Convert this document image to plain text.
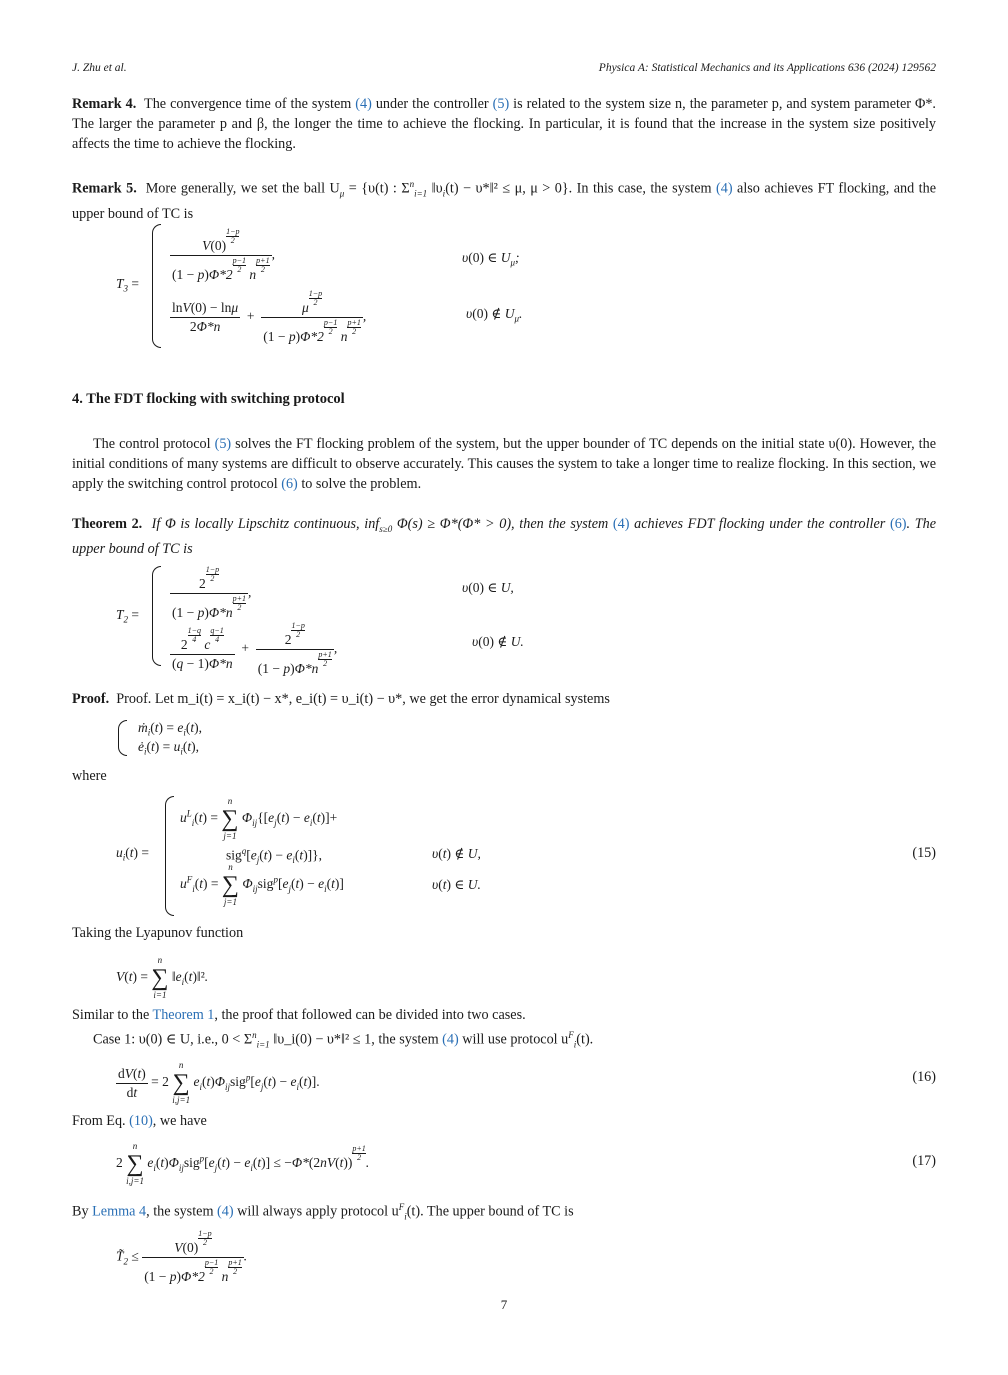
J. Zhu et al.	Physica A: Statistical Mechanics and its Applications 636 (2024) 129562
Remark 4. The convergence time of the system (4) under the controller (5) is related to the system size n, the parameter p, and system parameter Φ*. The larger the parameter p and β, the longer the time to achieve the flocking. In particular, it is found that the increase in the system size positively affects the time to achieve the flocking.
Remark 5. More generally, we set the ball $U_\mu = \{\upsilon(t)$ : $\Sigma^n_{i=1}$ $‖\upsilon_i(t)$ − υ*‖² ≤ μ, μ > 0}. In this case, the system (4) also achieves FT flocking, and the upper bound of TC is
$T_3$ =
V(0)
$\frac{1-p}{2}$
(1 − p)Φ*2
$\frac{p-1}{2}$
n
$\frac{p+1}{2}$ ,	υ(0) ∈ $U_\mu$;
$\frac{\ln V(0) - \ln\mu}{2\Phi*n} + \mu$
$\frac{1-p}{2}$
(1 − p)Φ*2
$\frac{p-1}{2}$
n
$\frac{p+1}{2}$ ,	υ(0) ∉ $U_\mu$.
4. The FDT flocking with switching protocol
The control protocol (5) solves the FT flocking problem of the system, but the upper bounder of TC depends on the initial state υ(0). However, the initial conditions of many systems are difficult to observe accurately. This causes the system to take a longer time to realize flocking. In this section, we apply the switching control protocol (6) to solve the problem.
Theorem 2. If Φ is locally Lipschitz continuous, inf$_{s\ge 0}$ Φ(s) ≥ Φ*(Φ* > 0), then the system (4) achieves FDT flocking under the controller (6). The upper bound of TC is
$T_2 = 2$
$\frac{1-p}{2}$
(1 − p)Φ*n
$\frac{p+1}{2}$ ,	υ(0) ∈ U,
2
$\frac{1-q}{4}$
c
$\frac{q-1}{4}$
(q − 1)Φ*n + 2
$\frac{1-p}{2}$
(1 − p)Φ*n
$\frac{p+1}{2}$ ,	υ(0) ∉ U.
Proof. Proof. Let m_i(t) = x_i(t) − x*, e_i(t) = υ_i(t) − υ*, we get the error dynamical systems
ṁ$_i$(t) = $e_i(t)$,
$ė_i(t) = u_i(t)$,
where
$u_i(t)$ =
$u^L_i(t)$ =
n
∑
j=1
$\Phi_{ij}\{[e_j(t) - e_i(t)]+$
$sig^q[e_j(t) - e_i(t)]$},	υ(t) ∉ U,
$u^F_i(t)$ =
n
∑
j=1
$\Phi_{ij}sig^p[e_j(t) - e_i(t)]$	υ(t) ∈ U.
(15)
Taking the Lyapunov function
V(t) =
n
∑
i=1
$‖e_i(t)‖^2$.
Similar to the Theorem 1, the proof that followed can be divided into two cases.
Case 1: υ(0) ∈ U, i.e., $0 < \Sigma^n_{i=1}$ ‖υ_i(0) − υ*‖² ≤ 1, the system (4) will use protocol $u^F_i(t)$.
$\frac{dV(t)}{dt} = 2$
n
∑
i,j=1
$e_i(t)\Phi_{ij}sig^p[e_j(t) - e_i(t)]$.	(16)
From Eq. (10), we have
2
n
∑
i,j=1
$e_i(t)\Phi_{ij}sig^p[e_j(t) - e_i(t)] \le -\Phi*(2nV(t))$
$\frac{p+1}{2}$
.	(17)
By Lemma 4, the system (4) will always apply protocol $u^F_i(t)$. The upper bound of TC is
$T̃_2 \le V(0)$
$\frac{1-p}{2}$
(1 − p)Φ*2
$\frac{p-1}{2}$
n
$\frac{p+1}{2}$ .
7
